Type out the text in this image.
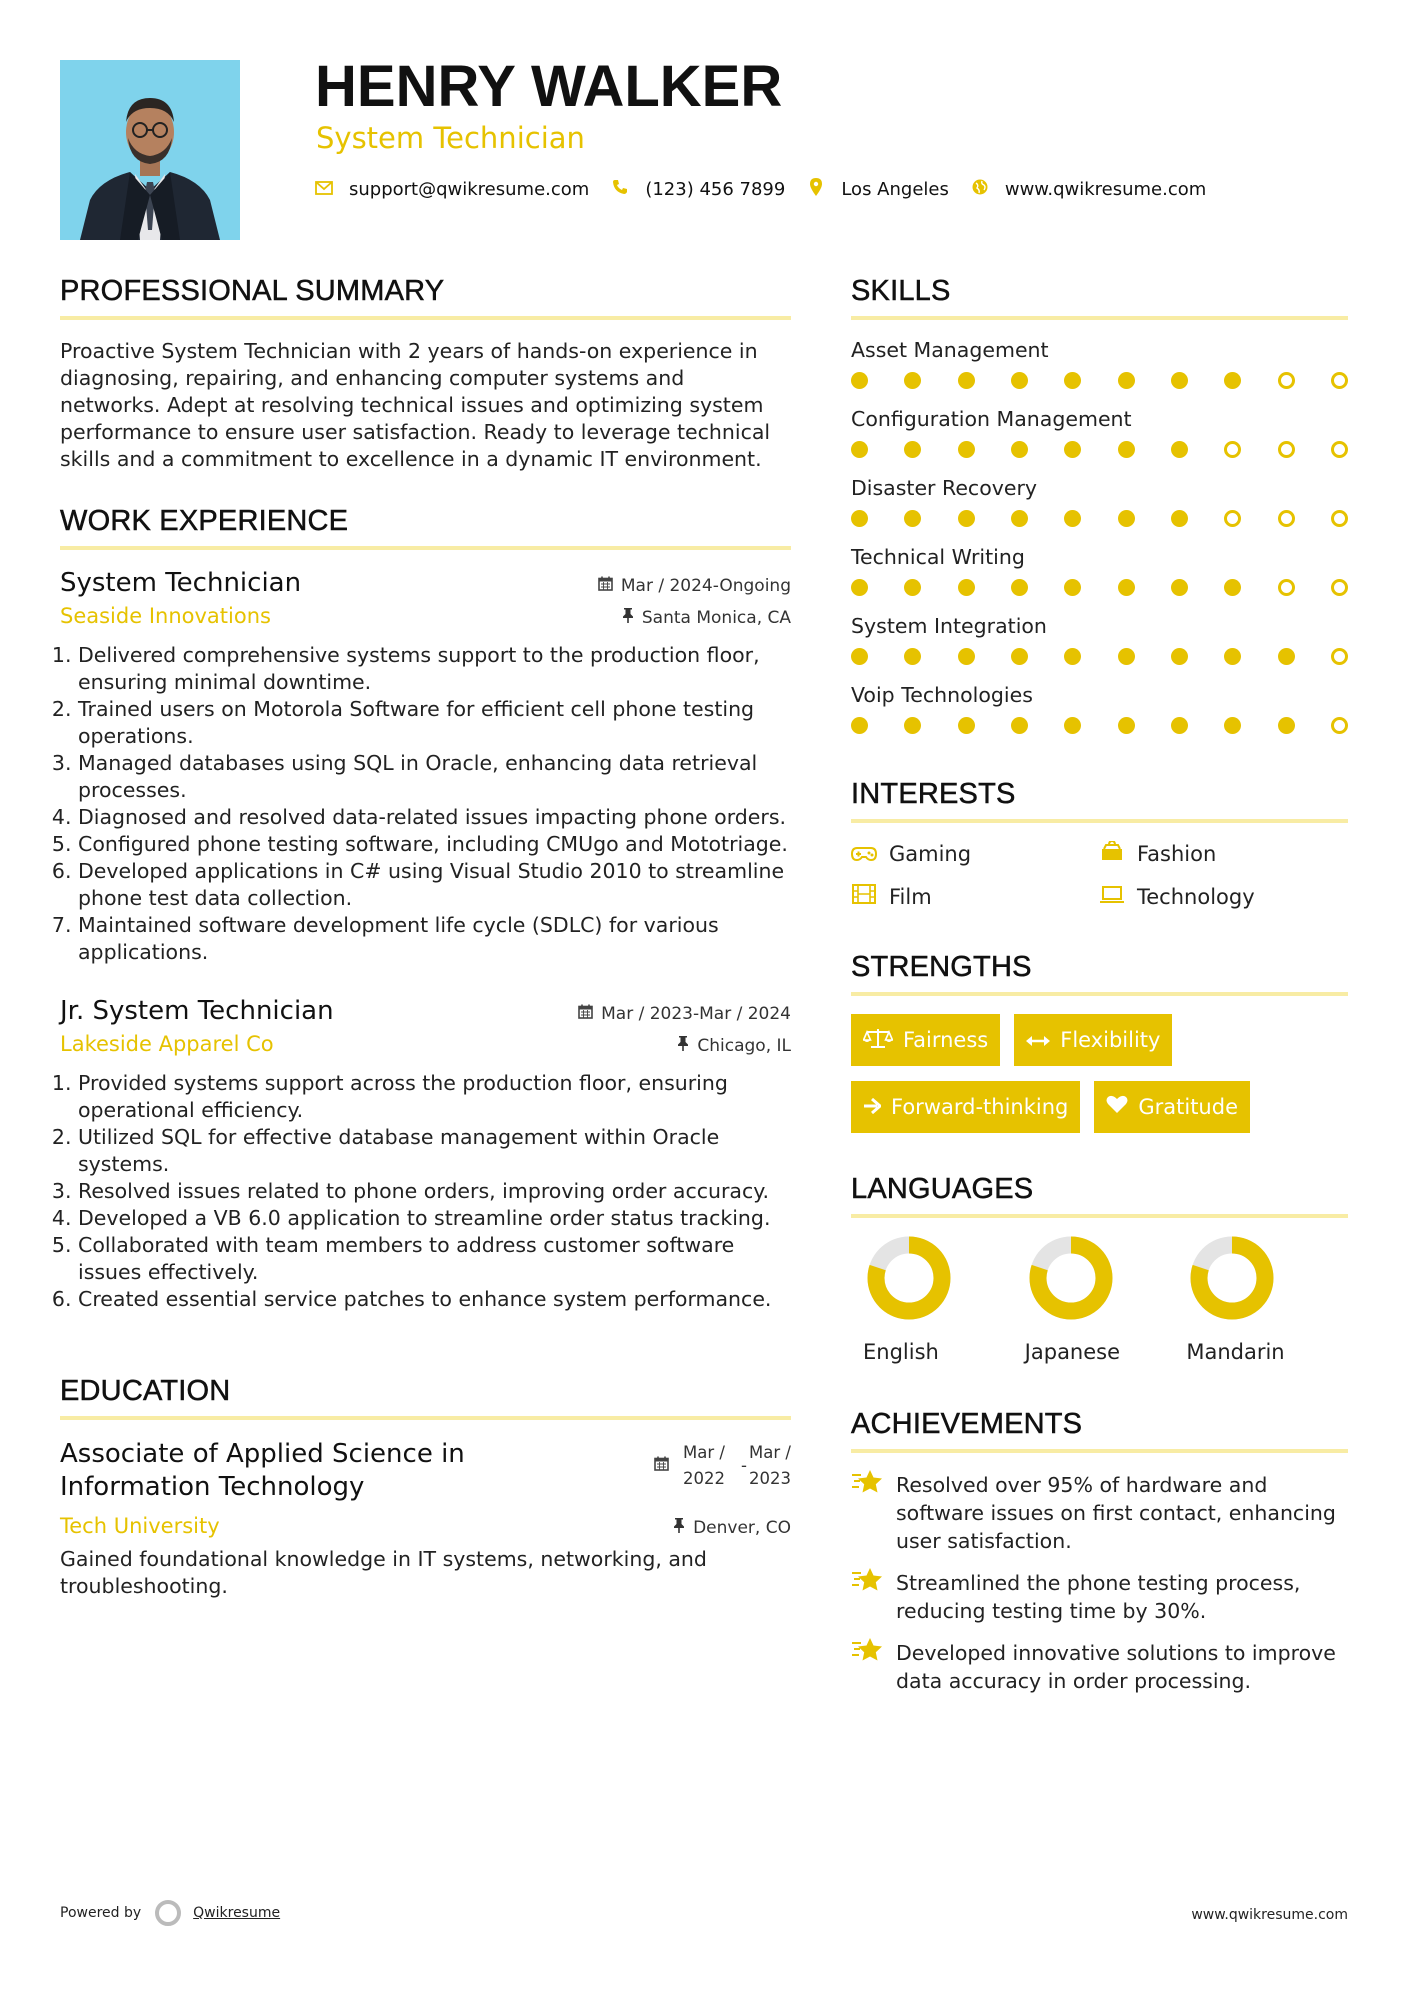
HENRY WALKER
System Technician
support@qwikresume.com	(123) 456 7899	Los Angeles	www.qwikresume.com
PROFESSIONAL SUMMARY

Proactive System Technician with 2 years of hands-on experience in diagnosing, repairing, and enhancing computer systems and networks. Adept at resolving technical issues and optimizing system performance to ensure user satisfaction. Ready to leverage technical skills and a commitment to excellence in a dynamic IT environment.

WORK EXPERIENCE
System Technician	Mar / 2024-Ongoing
Seaside Innovations	Santa Monica, CA
1. Delivered comprehensive systems support to the production floor, ensuring minimal downtime.
2. Trained users on Motorola Software for efficient cell phone testing operations.
3. Managed databases using SQL in Oracle, enhancing data retrieval processes.
4. Diagnosed and resolved data-related issues impacting phone orders.
5. Configured phone testing software, including CMUgo and Mototriage.
6. Developed applications in C# using Visual Studio 2010 to streamline phone test data collection.
7. Maintained software development life cycle (SDLC) for various applications.
Jr. System Technician	Mar / 2023-Mar / 2024
Lakeside Apparel Co	Chicago, IL
1. Provided systems support across the production floor, ensuring operational efficiency.
2. Utilized SQL for effective database management within Oracle systems.
3. Resolved issues related to phone orders, improving order accuracy.
4. Developed a VB 6.0 application to streamline order status tracking.
5. Collaborated with team members to address customer software issues effectively.
6. Created essential service patches to enhance system performance.
EDUCATION
Associate of Applied Science in Information Technology
Mar /
2022
-
Mar /
2023
Tech University	Denver, CO

Gained foundational knowledge in IT systems, networking, and troubleshooting.

SKILLS
Asset Management
Configuration Management
Disaster Recovery
Technical Writing
System Integration
Voip Technologies
INTERESTS
Gaming	Fashion
Film	Technology
STRENGTHS
Fairness	Flexibility
Forward-thinking	Gratitude
LANGUAGES
English	Japanese	Mandarin
ACHIEVEMENTS
Resolved over 95% of hardware and software issues on first contact, enhancing user satisfaction.
Streamlined the phone testing process, reducing testing time by 30%.
Developed innovative solutions to improve data accuracy in order processing.
Powered by	Qwikresume	www.qwikresume.com
